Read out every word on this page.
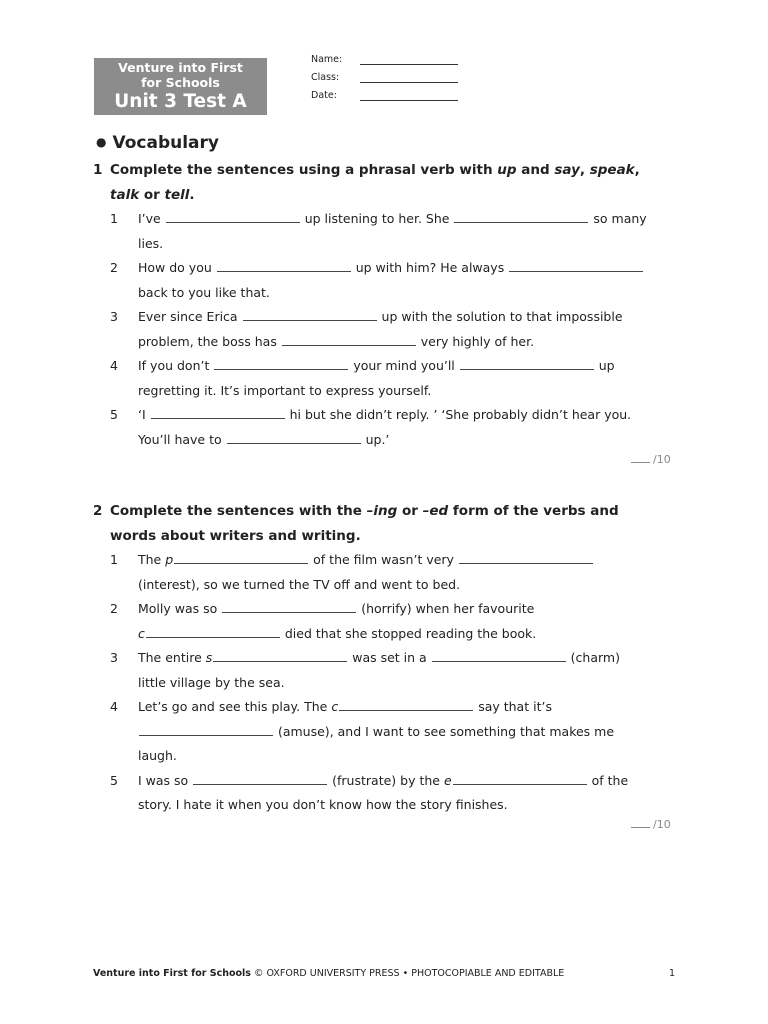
Venture into First
for Schools
Unit 3 Test A
Name:
Class:
Date:
● Vocabulary
1 Complete the sentences using a phrasal verb with up and say, speak,
talk or tell.
1 I’ve	up listening to her. She	so many
lies.
2 How do you	up with him? He always
back to you like that.
3 Ever since Erica	up with the solution to that impossible
problem, the boss has	very highly of her.
4 If you don’t	your mind you’ll	up
regretting it. It’s important to express yourself.
5 ‘I	hi but she didn’t reply. ’ ‘She probably didn’t hear you.
You’ll have to	up.’
/10
2 Complete the sentences with the –ing or –ed form of the verbs and
words about writers and writing.
1 The p	of the film wasn’t very
(interest), so we turned the TV off and went to bed.
2 Molly was so	(horrify) when her favourite
c	died that she stopped reading the book.
3 The entire s	was set in a	(charm)
little village by the sea.
4 Let’s go and see this play. The c	say that it’s
(amuse), and I want to see something that makes me
laugh.
5 I was so	(frustrate) by the e	of the
story. I hate it when you don’t know how the story finishes.
/10
Venture into First for Schools © OXFORD UNIVERSITY PRESS • PHOTOCOPIABLE AND EDITABLE	1
